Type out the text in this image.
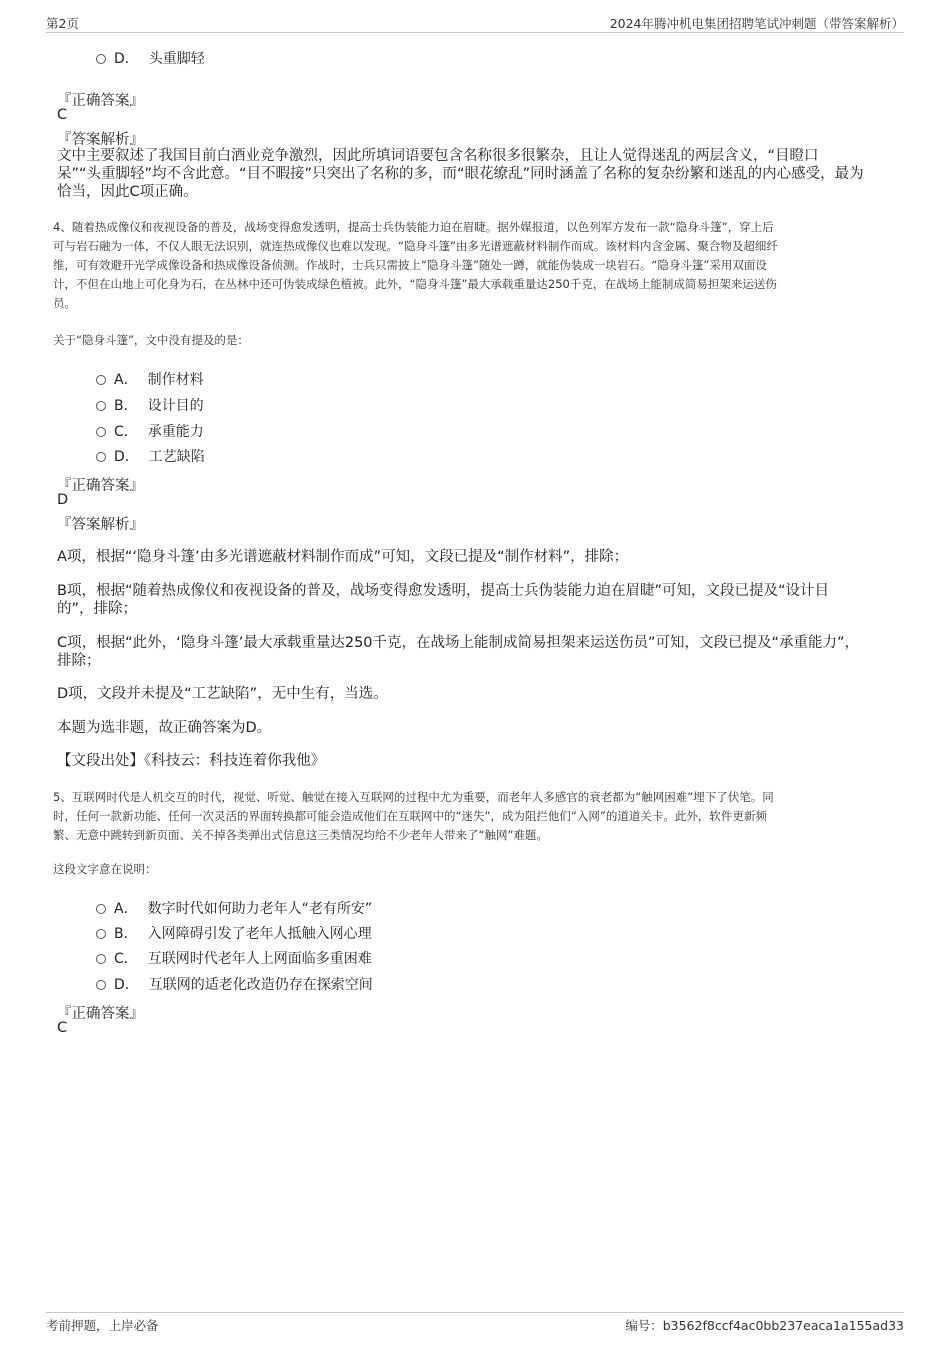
第2页	2024年腾冲机电集团招聘笔试冲刺题（带答案解析）
D． 头重脚轻
『正确答案』
C
『答案解析』
文中主要叙述了我国目前白酒业竞争激烈，因此所填词语要包含名称很多很繁杂，且让人觉得迷乱的两层含义，“目瞪口
呆”“头重脚轻”均不含此意。“目不暇接”只突出了名称的多，而“眼花缭乱”同时涵盖了名称的复杂纷繁和迷乱的内心感受，最为
恰当，因此C项正确。
4、随着热成像仪和夜视设备的普及，战场变得愈发透明，提高士兵伪装能力迫在眉睫。据外媒报道，以色列军方发布一款“隐身斗篷”，穿上后
可与岩石融为一体，不仅人眼无法识别，就连热成像仪也难以发现。“隐身斗篷”由多光谱遮蔽材料制作而成。该材料内含金属、聚合物及超细纤
维，可有效避开光学成像设备和热成像设备侦测。作战时，士兵只需披上“隐身斗篷”随处一蹲，就能伪装成一块岩石。“隐身斗篷”采用双面设
计，不但在山地上可化身为石，在丛林中还可伪装成绿色植被。此外，“隐身斗篷”最大承载重量达250千克，在战场上能制成简易担架来运送伤
员。
关于“隐身斗篷”，文中没有提及的是：
A． 制作材料
B． 设计目的
C． 承重能力
D． 工艺缺陷
『正确答案』
D
『答案解析』
A项，根据“‘隐身斗篷’由多光谱遮蔽材料制作而成”可知，文段已提及“制作材料”，排除；
B项，根据“随着热成像仪和夜视设备的普及，战场变得愈发透明，提高士兵伪装能力迫在眉睫”可知，文段已提及“设计目
的”，排除；
C项，根据“此外，‘隐身斗篷’最大承载重量达250千克，在战场上能制成简易担架来运送伤员”可知，文段已提及“承重能力”，
排除；
D项，文段并未提及“工艺缺陷”，无中生有，当选。
本题为选非题，故正确答案为D。
【文段出处】《科技云：科技连着你我他》
5、互联网时代是人机交互的时代，视觉、听觉、触觉在接入互联网的过程中尤为重要，而老年人多感官的衰老都为“触网困难”埋下了伏笔。同
时，任何一款新功能、任何一次灵活的界面转换都可能会造成他们在互联网中的“迷失”，成为阻拦他们“入网”的道道关卡。此外，软件更新频
繁、无意中跳转到新页面、关不掉各类弹出式信息这三类情况均给不少老年人带来了“触网”难题。
这段文字意在说明：
A． 数字时代如何助力老年人“老有所安”
B． 入网障碍引发了老年人抵触入网心理
C． 互联网时代老年人上网面临多重困难
D． 互联网的适老化改造仍存在探索空间
『正确答案』
C
考前押题，上岸必备	编号：b3562f8ccf4ac0bb237eaca1a155ad33
